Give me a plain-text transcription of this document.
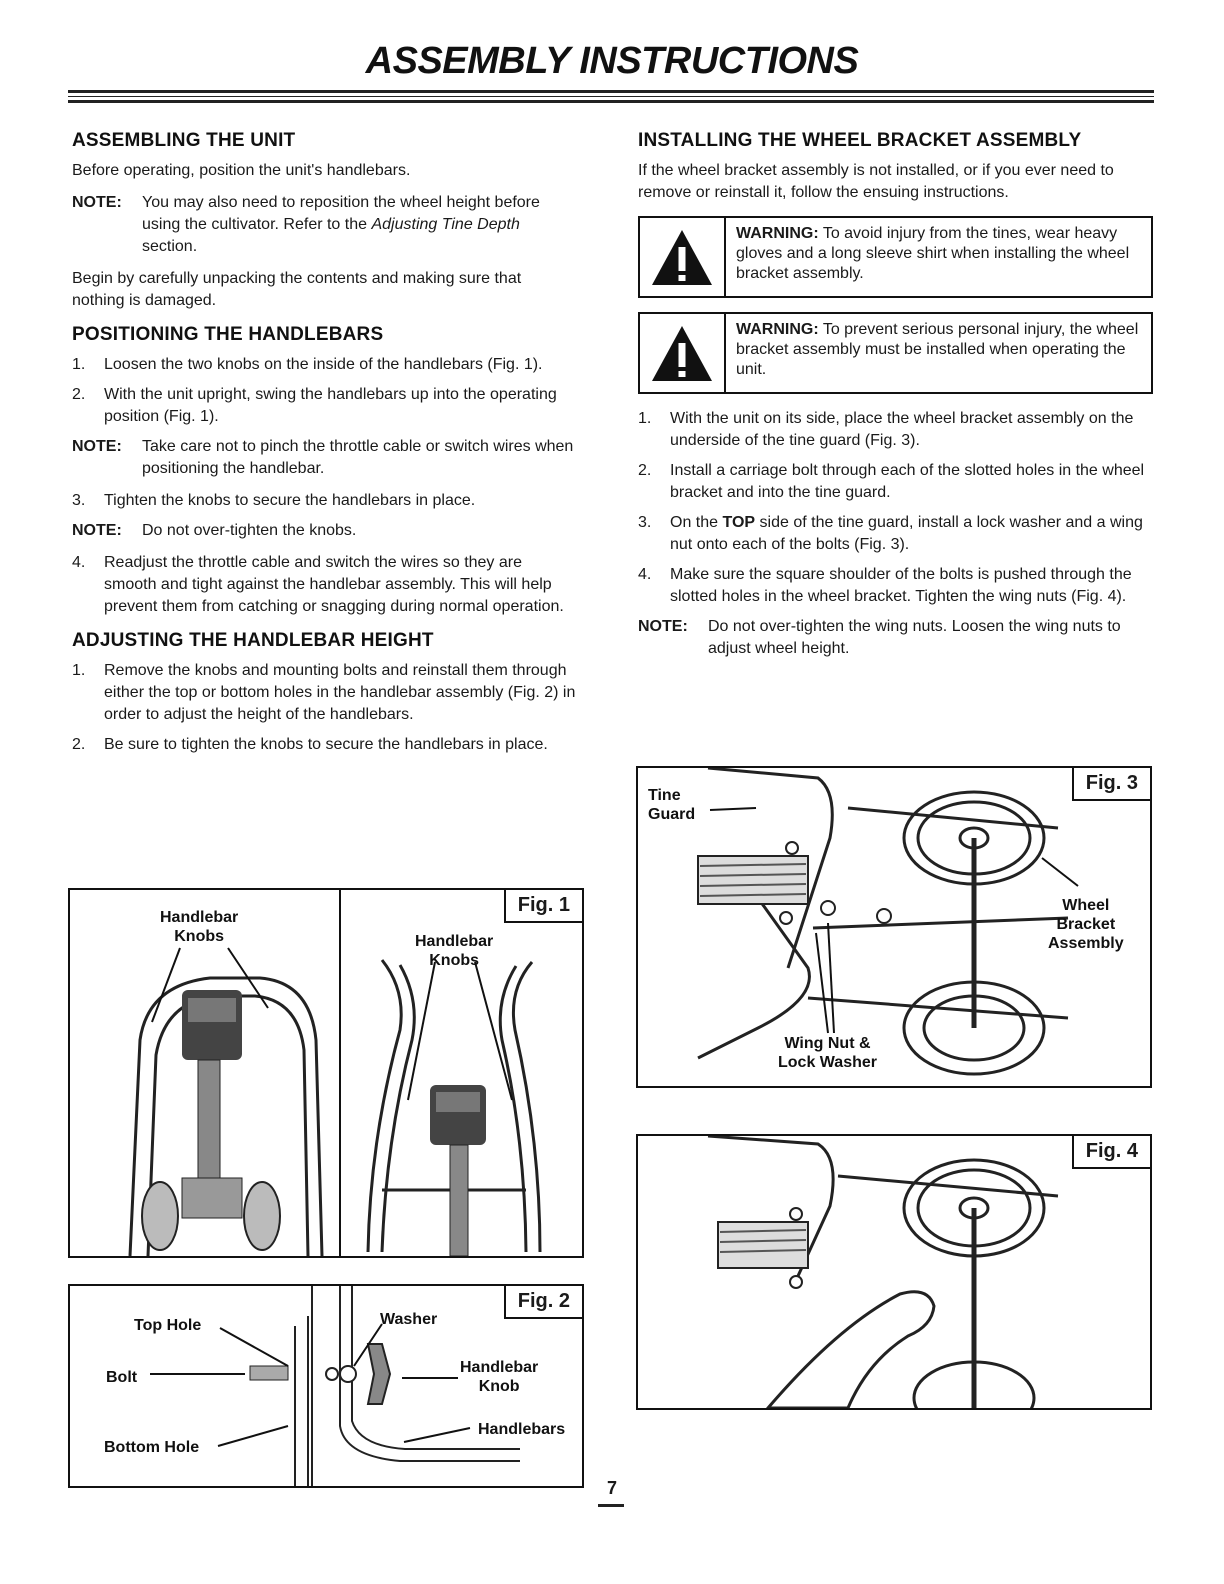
ASSEMBLY INSTRUCTIONS
ASSEMBLING THE UNIT

Before operating, position the unit's handlebars.

NOTE:	You may also need to reposition the wheel height before using the cultivator. Refer to the Adjusting Tine Depth section.

Begin by carefully unpacking the contents and making sure that nothing is damaged.

POSITIONING THE HANDLEBARS
1.	Loosen the two knobs on the inside of the handlebars (Fig. 1).
2.	With the unit upright, swing the handlebars up into the operating position (Fig. 1).
NOTE:	Take care not to pinch the throttle cable or switch wires when positioning the handlebar.
3.	Tighten the knobs to secure the handlebars in place.
NOTE:	Do not over-tighten the knobs.
4.	Readjust the throttle cable and switch the wires so they are smooth and tight against the handlebar assembly. This will help prevent them from catching or snagging during normal operation.
ADJUSTING THE HANDLEBAR HEIGHT
1.	Remove the knobs and mounting bolts and reinstall them through either the top or bottom holes in the handlebar assembly (Fig. 2) in order to adjust the height of the handlebars.
2.	Be sure to tighten the knobs to secure the handlebars in place.
INSTALLING THE WHEEL BRACKET ASSEMBLY

If the wheel bracket assembly is not installed, or if you ever need to remove or reinstall it, follow the ensuing instructions.

WARNING: To avoid injury from the tines, wear heavy gloves and a long sleeve shirt when installing the wheel bracket assembly.
WARNING: To prevent serious personal injury, the wheel bracket assembly must be installed when operating the unit.
1.	With the unit on its side, place the wheel bracket assembly on the underside of the tine guard (Fig. 3).
2.	Install a carriage bolt through each of the slotted holes in the wheel bracket and into the tine guard.
3.	On the TOP side of the tine guard, install a lock washer and a wing nut onto each of the bolts (Fig. 3).
4.	Make sure the square shoulder of the bolts is pushed through the slotted holes in the wheel bracket. Tighten the wing nuts (Fig. 4).
NOTE:	Do not over-tighten the wing nuts. Loosen the wing nuts to adjust wheel height.
Handlebar
Knobs	Handlebar
Knobs
Fig. 1
Top Hole
Bolt
Bottom Hole
Washer
Handlebar
Knob
Handlebars
Fig. 2
Tine
Guard
Wheel
Bracket
Assembly
Wing Nut &
Lock Washer
Fig. 3
Fig. 4
7
